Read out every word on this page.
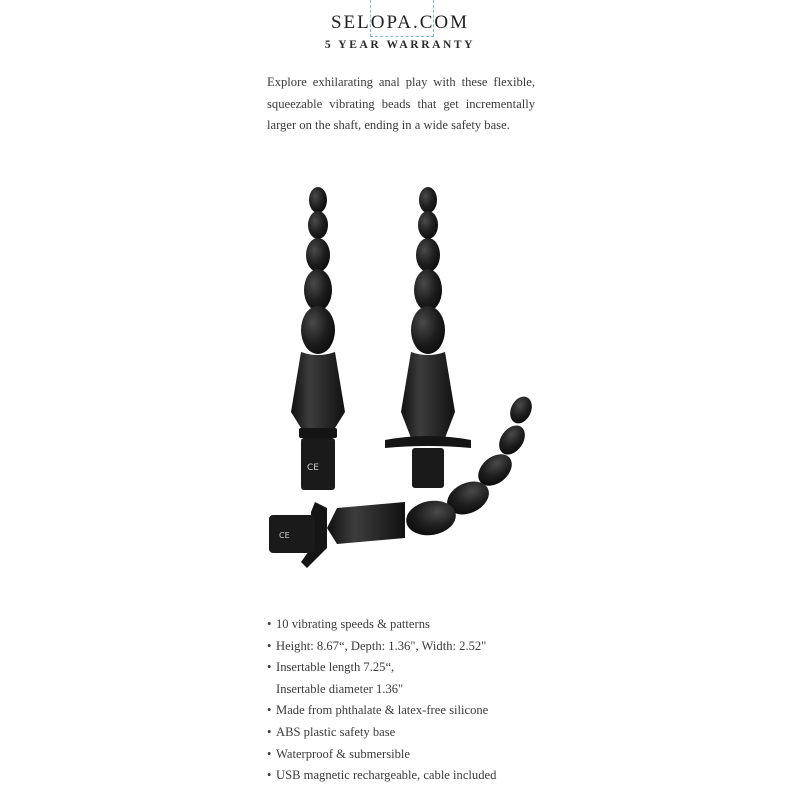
SELOPA.COM
5 YEAR WARRANTY

Explore exhilarating anal play with these flexible, squeezable vibrating beads that get incrementally larger on the shaft, ending in a wide safety base.

CE
CE
• 10 vibrating speeds & patterns
• Height: 8.67“, Depth: 1.36", Width: 2.52"
• Insertable length 7.25“,
Insertable diameter 1.36"
• Made from phthalate & latex-free silicone
• ABS plastic safety base
• Waterproof & submersible
• USB magnetic rechargeable, cable included
